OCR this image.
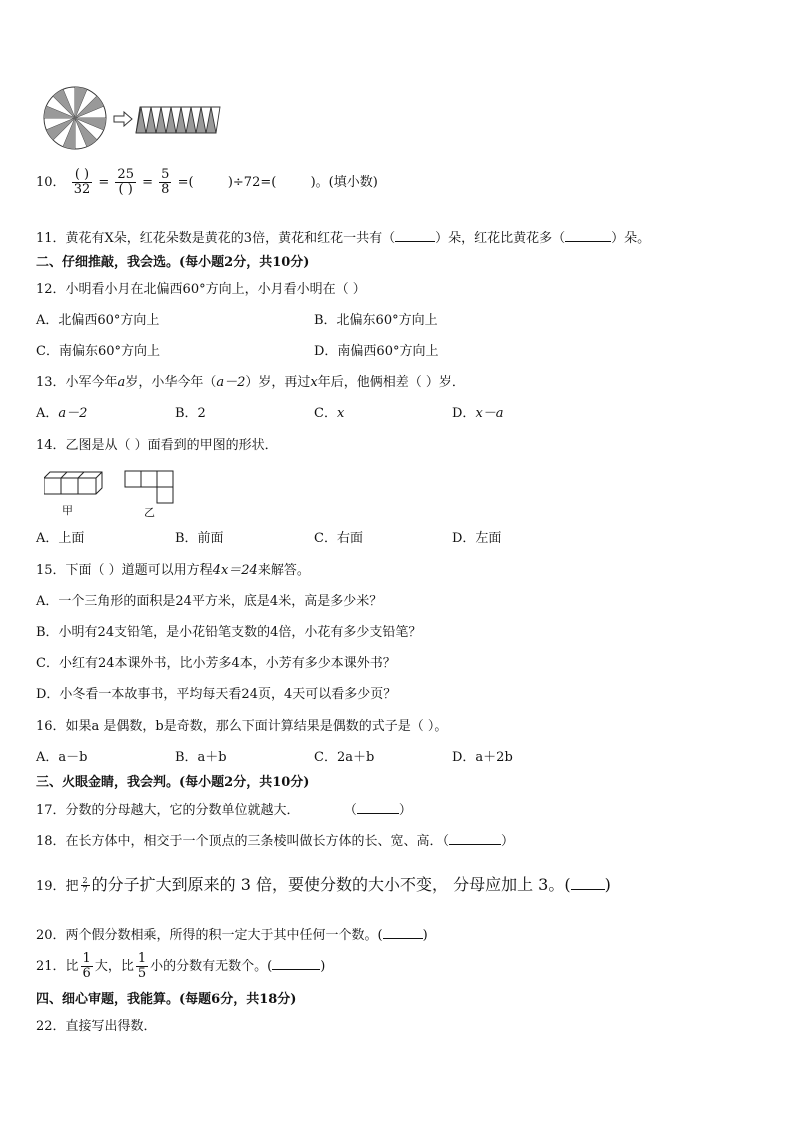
10． $\frac{( )}{32} = \frac{25}{( )} = \frac{5}{8}$ =(	)÷72=(	)。(填小数)
11．黄花有X朵，红花朵数是黄花的3倍，黄花和红花一共有（	）朵，红花比黄花多（	）朵。
二、仔细推敲，我会选。(每小题2分，共10分)
12．小明看小月在北偏西60°方向上，小月看小明在（ ）
A．北偏西60°方向上	B．北偏东60°方向上
C．南偏东60°方向上	D．南偏西60°方向上
13．小军今年a岁，小华今年（a－2）岁，再过x年后，他俩相差（ ）岁．
A．a－2	B．2	C．x	D．x－a
14．乙图是从（ ）面看到的甲图的形状．
甲	乙
A．上面	B．前面	C．右面	D．左面
15．下面（ ）道题可以用方程4x＝24来解答。
A．一个三角形的面积是24平方米，底是4米，高是多少米？
B．小明有24支铅笔，是小花铅笔支数的4倍，小花有多少支铅笔？
C．小红有24本课外书，比小芳多4本，小芳有多少本课外书？
D．小冬看一本故事书，平均每天看24页，4天可以看多少页？
16．如果a 是偶数，b是奇数，那么下面计算结果是偶数的式子是（ ）。
A．a－b	B．a＋b	C．2a＋b	D．a＋2b
三、火眼金睛，我会判。(每小题2分，共10分)
17．分数的分母越大，它的分数单位就越大．	（	）
18．在长方体中，相交于一个顶点的三条棱叫做长方体的长、宽、高．（	）
19．把 $\frac{2}{7}$ 的分子扩大到原来的 3 倍，要使分数的大小不变， 分母应加上 3。( )
20．两个假分数相乘，所得的积一定大于其中任何一个数。(	)
21．比 $\frac{1}{6}$ 大，比 $\frac{1}{5}$ 小的分数有无数个。(	)
四、细心审题，我能算。(每题6分，共18分)
22．直接写出得数．
